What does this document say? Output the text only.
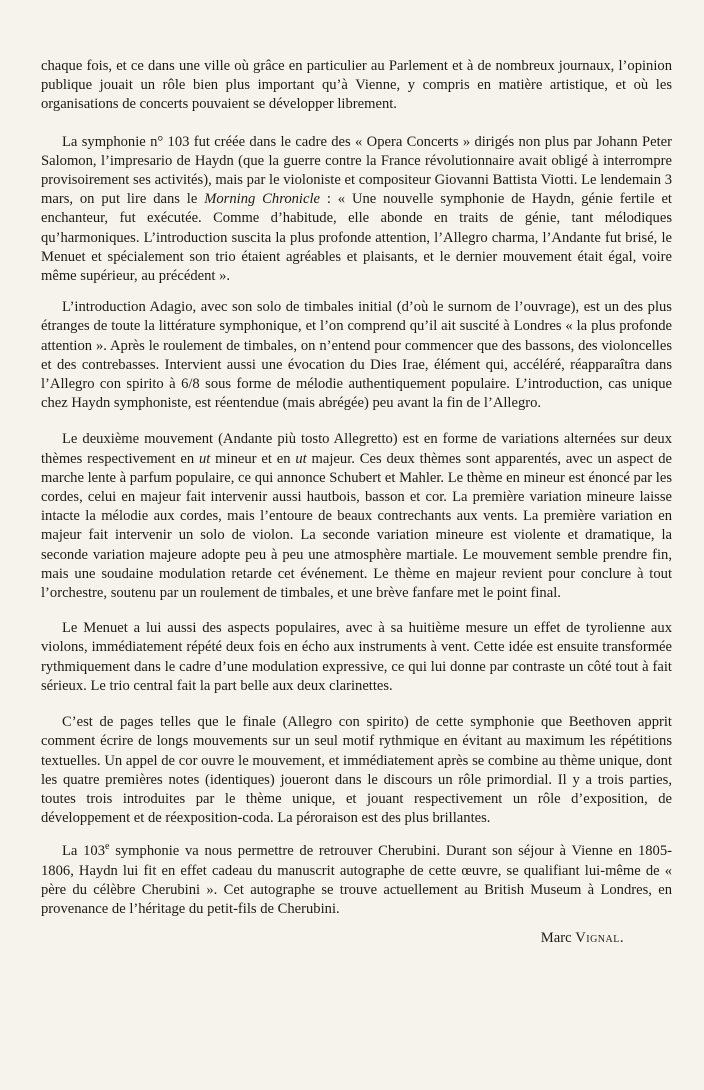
chaque fois, et ce dans une ville où grâce en particulier au Parlement et à de nombreux journaux, l’opinion publique jouait un rôle bien plus important qu’à Vienne, y compris en matière artistique, et où les organisations de concerts pouvaient se développer librement.

La symphonie n° 103 fut créée dans le cadre des « Opera Concerts » dirigés non plus par Johann Peter Salomon, l’impresario de Haydn (que la guerre contre la France révolutionnaire avait obligé à interrompre provisoirement ses activités), mais par le violoniste et compositeur Giovanni Battista Viotti. Le lendemain 3 mars, on put lire dans le Morning Chronicle : « Une nouvelle symphonie de Haydn, génie fertile et enchanteur, fut exécutée. Comme d’habitude, elle abonde en traits de génie, tant mélodiques qu’harmoniques. L’introduction suscita la plus profonde attention, l’Allegro charma, l’Andante fut brisé, le Menuet et spécialement son trio étaient agréables et plaisants, et le dernier mouvement était égal, voire même supérieur, au précédent ».

L’introduction Adagio, avec son solo de timbales initial (d’où le surnom de l’ouvrage), est un des plus étranges de toute la littérature symphonique, et l’on comprend qu’il ait suscité à Londres « la plus profonde attention ». Après le roulement de timbales, on n’entend pour commencer que des bassons, des violoncelles et des contrebasses. Intervient aussi une évocation du Dies Irae, élément qui, accéléré, réapparaîtra dans l’Allegro con spirito à 6/8 sous forme de mélodie authentiquement populaire. L’introduction, cas unique chez Haydn symphoniste, est réentendue (mais abrégée) peu avant la fin de l’Allegro.

Le deuxième mouvement (Andante più tosto Allegretto) est en forme de variations alternées sur deux thèmes respectivement en ut mineur et en ut majeur. Ces deux thèmes sont apparentés, avec un aspect de marche lente à parfum populaire, ce qui annonce Schubert et Mahler. Le thème en mineur est énoncé par les cordes, celui en majeur fait intervenir aussi hautbois, basson et cor. La première variation mineure laisse intacte la mélodie aux cordes, mais l’entoure de beaux contrechants aux vents. La première variation en majeur fait intervenir un solo de violon. La seconde variation mineure est violente et dramatique, la seconde variation majeure adopte peu à peu une atmosphère martiale. Le mouvement semble prendre fin, mais une soudaine modulation retarde cet événement. Le thème en majeur revient pour conclure à tout l’orchestre, soutenu par un roulement de timbales, et une brève fanfare met le point final.

Le Menuet a lui aussi des aspects populaires, avec à sa huitième mesure un effet de tyrolienne aux violons, immédiatement répété deux fois en écho aux instruments à vent. Cette idée est ensuite transformée rythmiquement dans le cadre d’une modulation expressive, ce qui lui donne par contraste un côté tout à fait sérieux. Le trio central fait la part belle aux deux clarinettes.

C’est de pages telles que le finale (Allegro con spirito) de cette symphonie que Beethoven apprit comment écrire de longs mouvements sur un seul motif rythmique en évitant au maximum les répétitions textuelles. Un appel de cor ouvre le mouvement, et immédiatement après se combine au thème unique, dont les quatre premières notes (identiques) joueront dans le discours un rôle primordial. Il y a trois parties, toutes trois introduites par le thème unique, et jouant respectivement un rôle d’exposition, de développement et de réexposition-coda. La péroraison est des plus brillantes.

La 103e symphonie va nous permettre de retrouver Cherubini. Durant son séjour à Vienne en 1805-1806, Haydn lui fit en effet cadeau du manuscrit autographe de cette œuvre, se qualifiant lui-même de « père du célèbre Cherubini ». Cet autographe se trouve actuellement au British Museum à Londres, en provenance de l’héritage du petit-fils de Cherubini.

Marc Vignal.
